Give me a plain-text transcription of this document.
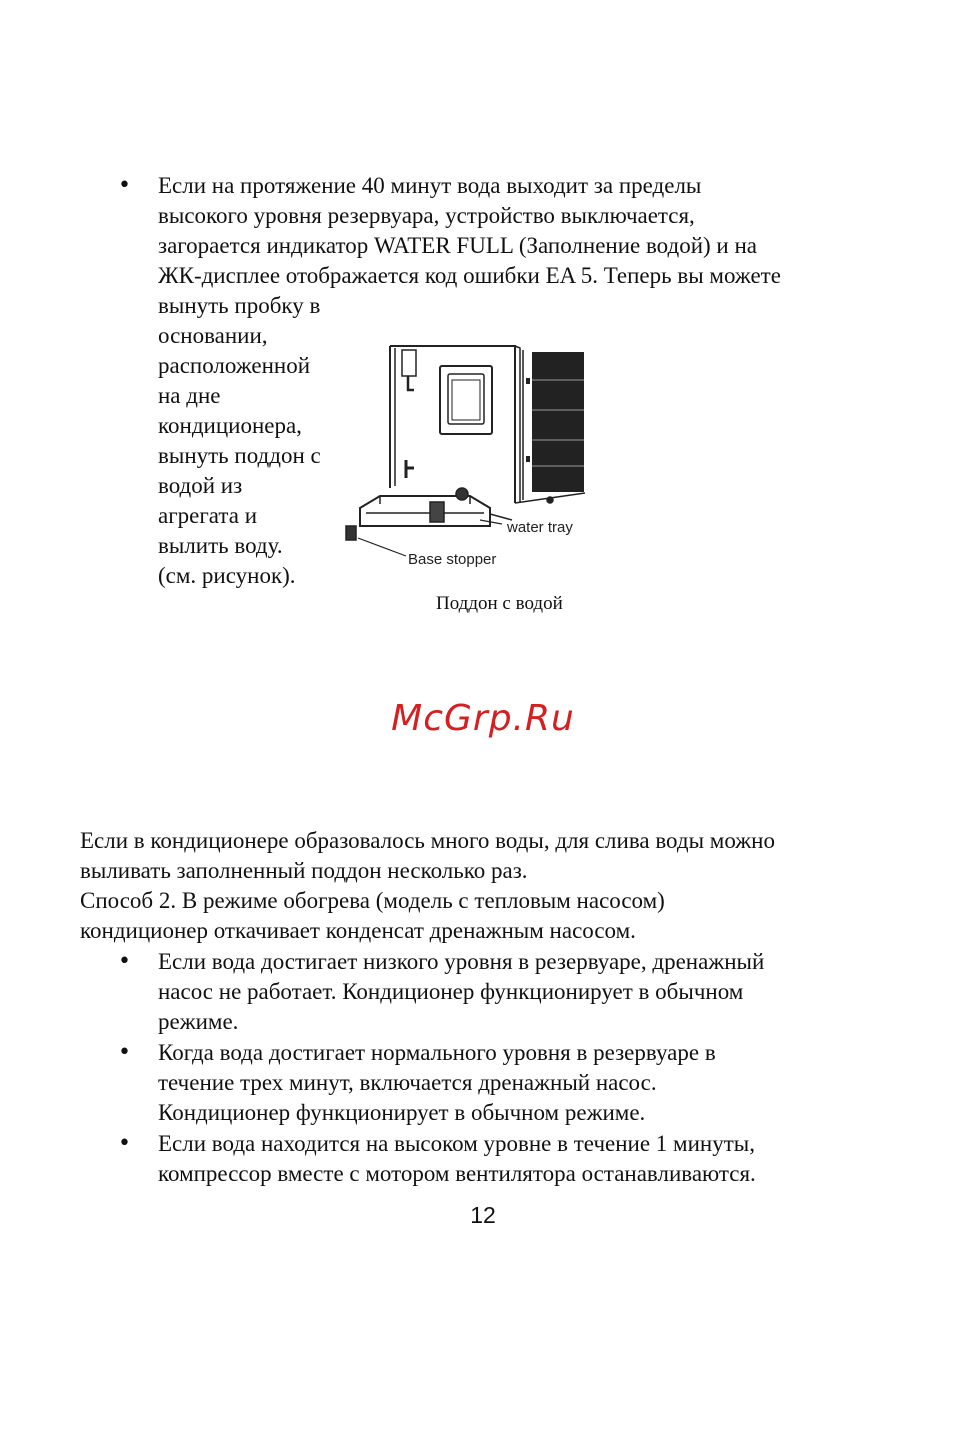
• Если на протяжение 40 минут вода выходит за пределы
высокого уровня резервуара, устройство выключается,
загорается индикатор WATER FULL (Заполнение водой) и на
ЖК-дисплее отображается код ошибки EA 5. Теперь вы можете
вынуть пробку в
основании,
расположенной
на дне
кондиционера,
вынуть поддон с
водой из
агрегата и
вылить воду.
(см. рисунок).
water tray
Base stopper
Поддон с водой
McGrp.Ru
Если в кондиционере образовалось много воды, для слива воды можно
выливать заполненный поддон несколько раз.
Способ 2. В режиме обогрева (модель с тепловым насосом)
кондиционер откачивает конденсат дренажным насосом.
• Если вода достигает низкого уровня в резервуаре, дренажный
насос не работает. Кондиционер функционирует в обычном
режиме.
• Когда вода достигает нормального уровня в резервуаре в
течение трех минут, включается дренажный насос.
Кондиционер функционирует в обычном режиме.
• Если вода находится на высоком уровне в течение 1 минуты,
компрессор вместе с мотором вентилятора останавливаются.
12
